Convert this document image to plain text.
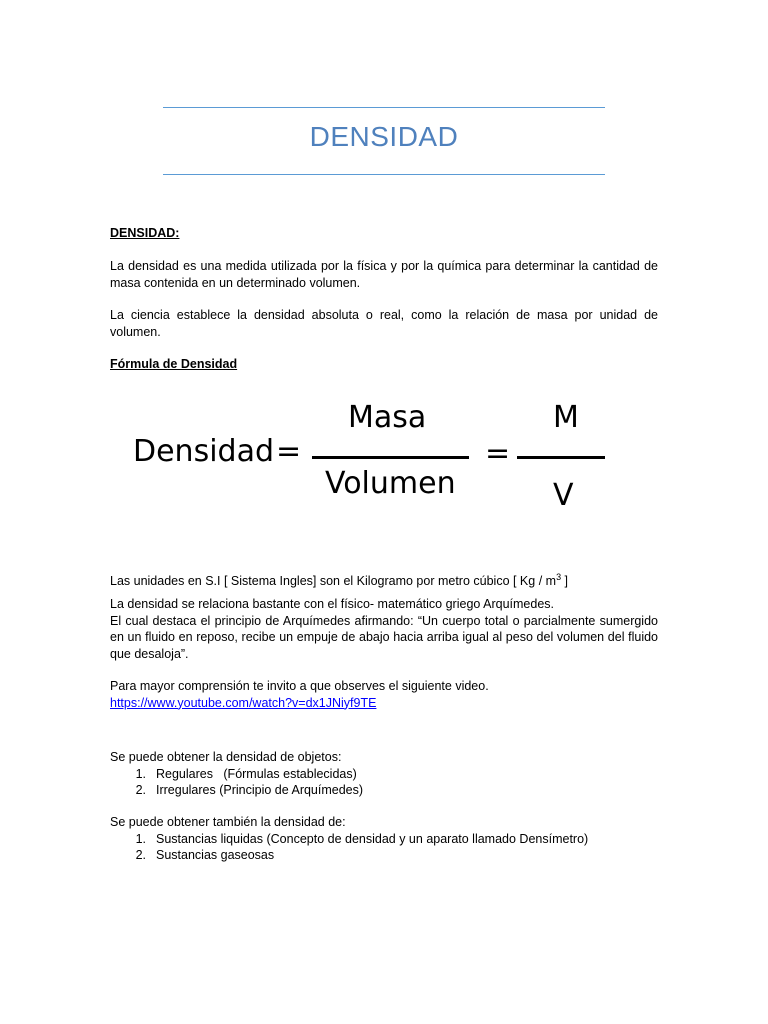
DENSIDAD
DENSIDAD:
La densidad es una medida utilizada por la física y por la química para determinar la cantidad de masa contenida en un determinado volumen.
La ciencia establece la densidad absoluta o real, como la relación de masa por unidad de volumen.
Fórmula de Densidad
Densidad =
Masa
Volumen
=
M
V
Las unidades en S.I [ Sistema Ingles] son el Kilogramo por metro cúbico [ Kg / $m^3$ ]
La densidad se relaciona bastante con el físico- matemático griego Arquímedes.
El cual destaca el principio de Arquímedes afirmando: “Un cuerpo total o parcialmente sumergido en un fluido en reposo, recibe un empuje de abajo hacia arriba igual al peso del volumen del fluido que desaloja”.
Para mayor comprensión te invito a que observes el siguiente video.
https://www.youtube.com/watch?v=dx1JNiyf9TE
Se puede obtener la densidad de objetos:
1. Regulares   (Fórmulas establecidas)
2. Irregulares (Principio de Arquímedes)
Se puede obtener también la densidad de:
1. Sustancias liquidas (Concepto de densidad y un aparato llamado Densímetro)
2. Sustancias gaseosas
